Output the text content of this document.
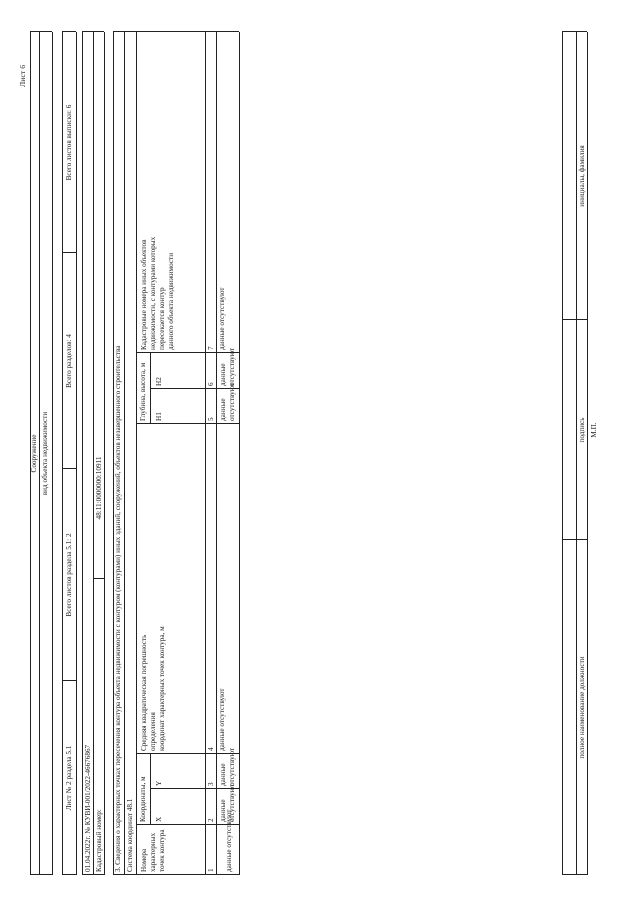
Лист 6
Сооружение вид объекта недвижимости
Лист № 2 раздела 5.1
Всего листов раздела 5.1: 2
Всего разделов: 4
Всего листов выписки: 6
01.04.2022г. № КУВИ-001/2022-46676867 Кадастровый номер:
48:11:0000000:10911 3. Сведения о характерных точках пересечения контура объекта недвижимости с контуром (контурами) иных зданий, сооружений, объектов незавершенного строительства Система координат 48.1 Номера характерных точек контура
Координаты, м X
Y
Средняя квадратическая погрешность определения координат характерных точек контура, м
Глубина, высота, м H1
H2
Кадастровые номера иных объектов недвижимости, с контурами которых пересекается контур данного объекта недвижимости
1
2
3
4
5
6
7
данные отсутствуют
данные отсутствуют
данные отсутствуют
данные отсутствуют
данные отсутствуют
данные отсутствуют
данные отсутствуют
полное наименование должности
подпись М.П.
инициалы, фамилия
